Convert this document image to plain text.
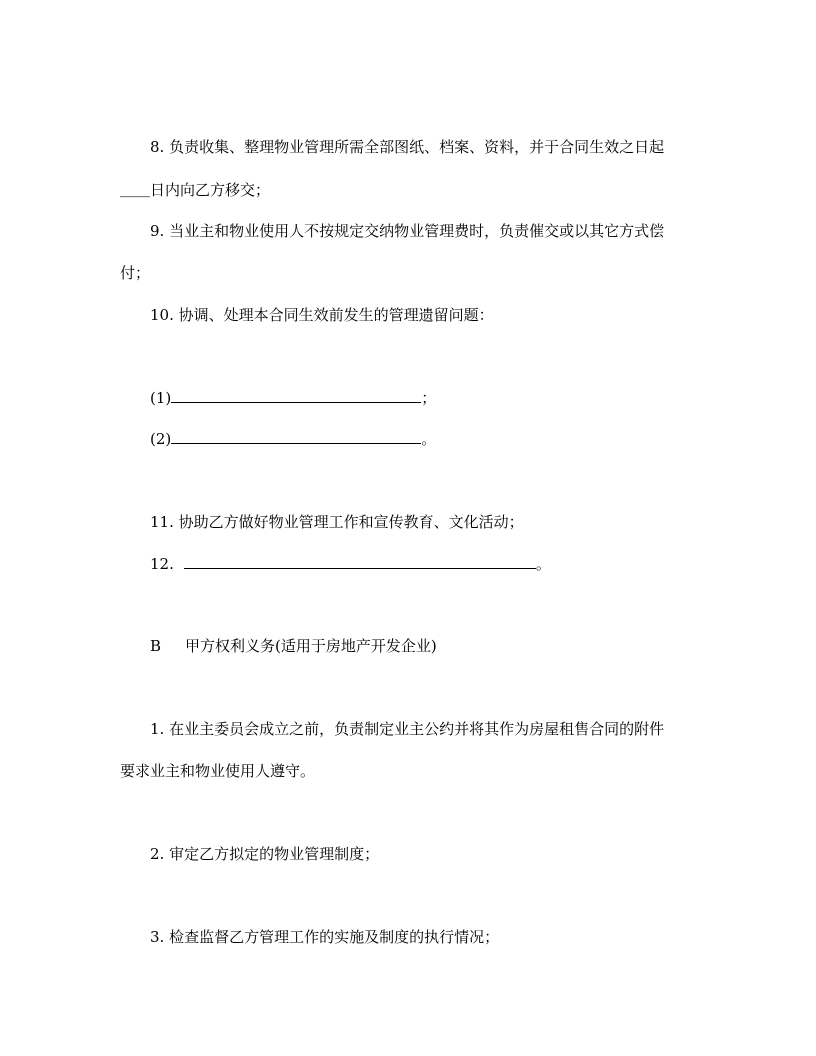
8. 负责收集、整理物业管理所需全部图纸、档案、资料，并于合同生效之日起
＿＿日内向乙方移交；
9. 当业主和物业使用人不按规定交纳物业管理费时，负责催交或以其它方式偿
付；
10. 协调、处理本合同生效前发生的管理遗留问题：
(1)	；
(2)	。
11. 协助乙方做好物业管理工作和宣传教育、文化活动；
12.	。
B 甲方权利义务(适用于房地产开发企业)
1. 在业主委员会成立之前，负责制定业主公约并将其作为房屋租售合同的附件
要求业主和物业使用人遵守。
2. 审定乙方拟定的物业管理制度；
3. 检查监督乙方管理工作的实施及制度的执行情况；
